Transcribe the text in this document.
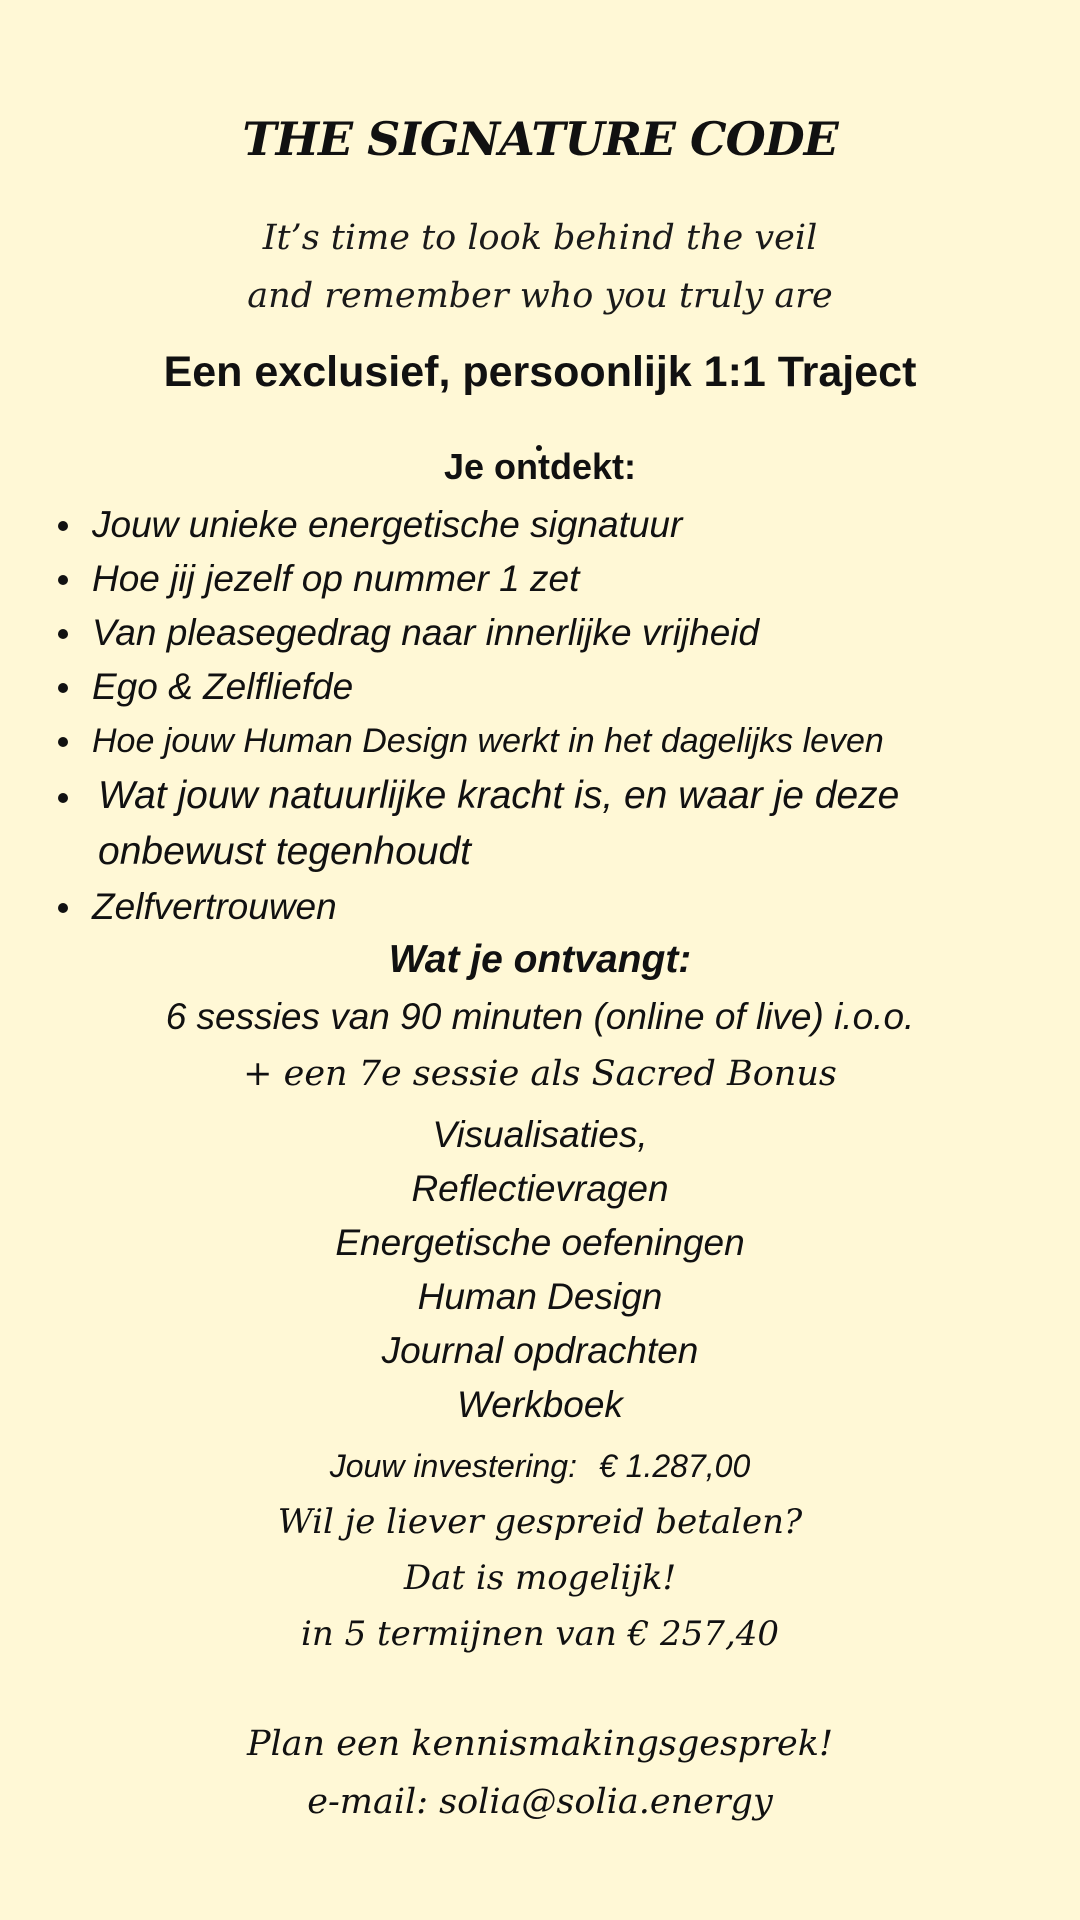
THE SIGNATURE CODE
It’s time to look behind the veil
and remember who you truly are
Een exclusief, persoonlijk 1:1 Traject
Je ontdekt:
Jouw unieke energetische signatuur
Hoe jij jezelf op nummer 1 zet
Van pleasegedrag naar innerlijke vrijheid
Ego & Zelfliefde
Hoe jouw Human Design werkt in het dagelijks leven
Wat jouw natuurlijke kracht is, en waar je deze onbewust tegenhoudt
Zelfvertrouwen
Wat je ontvangt:
6 sessies van 90 minuten (online of live) i.o.o.
+ een 7e sessie als Sacred Bonus
Visualisaties,
Reflectievragen
Energetische oefeningen
Human Design
Journal opdrachten
Werkboek
Jouw investering: € 1.287,00
Wil je liever gespreid betalen?
Dat is mogelijk!
in 5 termijnen van € 257,40
Plan een kennismakingsgesprek!
e-mail: solia@solia.energy
